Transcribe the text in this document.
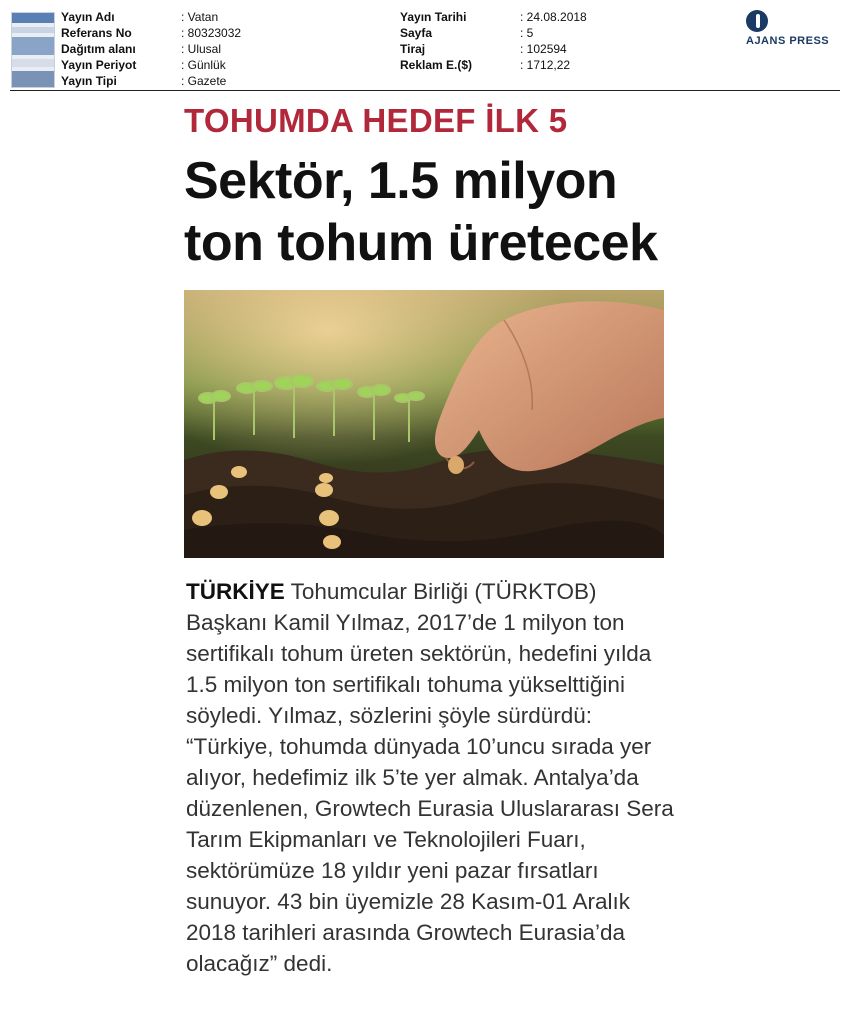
Yayın Adı	: Vatan
Referans No	: 80323032
Dağıtım alanı	: Ulusal
Yayın Periyot	: Günlük
Yayın Tipi	: Gazete
Yayın Tarihi	: 24.08.2018
Sayfa	: 5
Tiraj	: 102594
Reklam E.($)	: 1712,22
AJANS PRESS
TOHUMDA HEDEF İLK 5
Sektör, 1.5 milyon
ton tohum üretecek
TÜRKİYE Tohumcular Birliği (TÜRKTOB) Başkanı Kamil Yılmaz, 2017’de 1 milyon ton sertifikalı tohum üreten sektörün, hedefini yılda 1.5 milyon ton sertifikalı tohuma yükselttiğini söyledi. Yılmaz, sözlerini şöyle sürdürdü: “Türkiye, tohumda dünyada 10’uncu sırada yer alıyor, hedefimiz ilk 5’te yer almak. Antalya’da düzenlenen, Growtech Eurasia Uluslararası Sera Tarım Ekipmanları ve Teknolojileri Fuarı, sektörümüze 18 yıldır yeni pazar fırsatları sunuyor. 43 bin üyemizle 28 Kasım-01 Aralık 2018 tarihleri arasında Growtech Eurasia’da olacağız” dedi.
